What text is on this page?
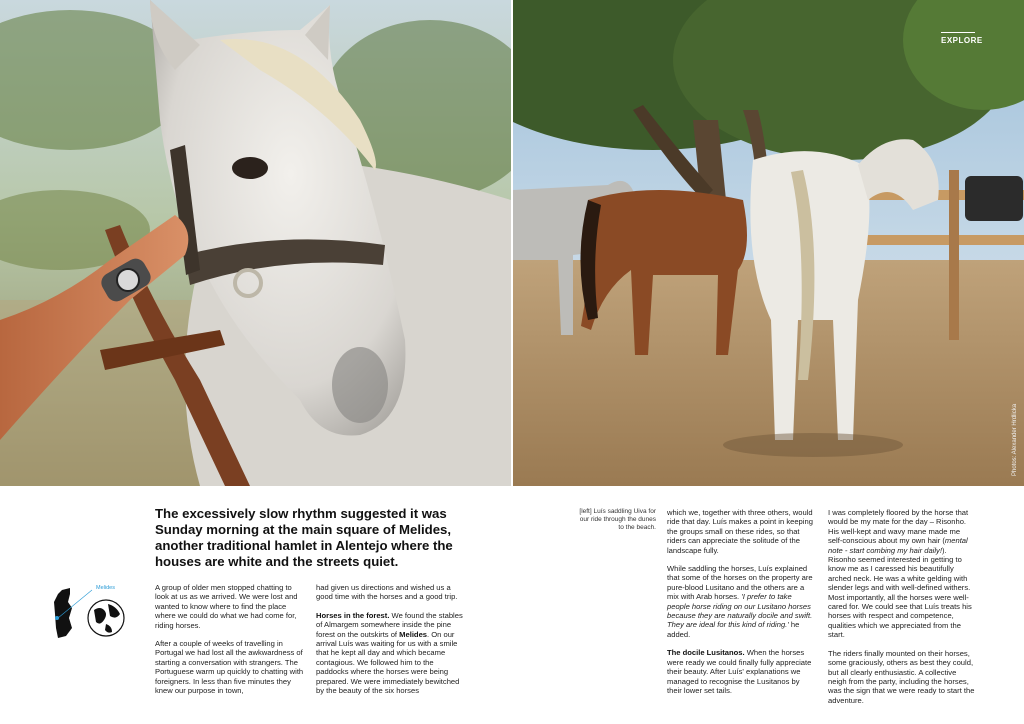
EXPLORE
Photos: Alexander Hrdlicka
The excessively slow rhythm suggested it was Sunday morning at the main square of Melides, another traditional hamlet in Alentejo where the houses are white and the streets quiet.
Melides	A group of older men stopped chatting to look at us as we arrived. We were lost and wanted to know where to find the place where we could do what we had come for, riding horses.

After a couple of weeks of travelling in Portugal we had lost all the awkwardness of starting a conversation with strangers. The Portuguese warm up quickly to chatting with foreigners. In less than five minutes they knew our purpose in town,

had given us directions and wished us a good time with the horses and a good trip.

Horses in the forest. We found the stables of Almargem somewhere inside the pine forest on the outskirts of Melides. On our arrival Luís was waiting for us with a smile that he kept all day and which became contagious. We followed him to the paddocks where the horses were being prepared. We were immediately bewitched by the beauty of the six horses

[left] Luís saddling Uiva for our ride through the dunes to the beach.

which we, together with three others, would ride that day. Luís makes a point in keeping the groups small on these rides, so that riders can appreciate the solitude of the landscape fully.

While saddling the horses, Luís explained that some of the horses on the property are pure-blood Lusitano and the others are a mix with Arab horses. 'I prefer to take people horse riding on our Lusitano horses because they are naturally docile and swift. They are ideal for this kind of riding.' he added.

The docile Lusitanos. When the horses were ready we could finally fully appreciate their beauty. After Luís' explanations we managed to recognise the Lusitanos by their lower set tails.

I was completely floored by the horse that would be my mate for the day – Risonho. His well-kept and wavy mane made me self-conscious about my own hair (mental note - start combing my hair daily!). Risonho seemed interested in getting to know me as I caressed his beautifully arched neck. He was a white gelding with slender legs and with well-defined withers. Most importantly, all the horses were well-cared for. We could see that Luís treats his horses with respect and competence, qualities which we appreciated from the start.

The riders finally mounted on their horses, some graciously, others as best they could, but all clearly enthusiastic. A collective neigh from the party, including the horses, was the sign that we were ready to start the adventure.
